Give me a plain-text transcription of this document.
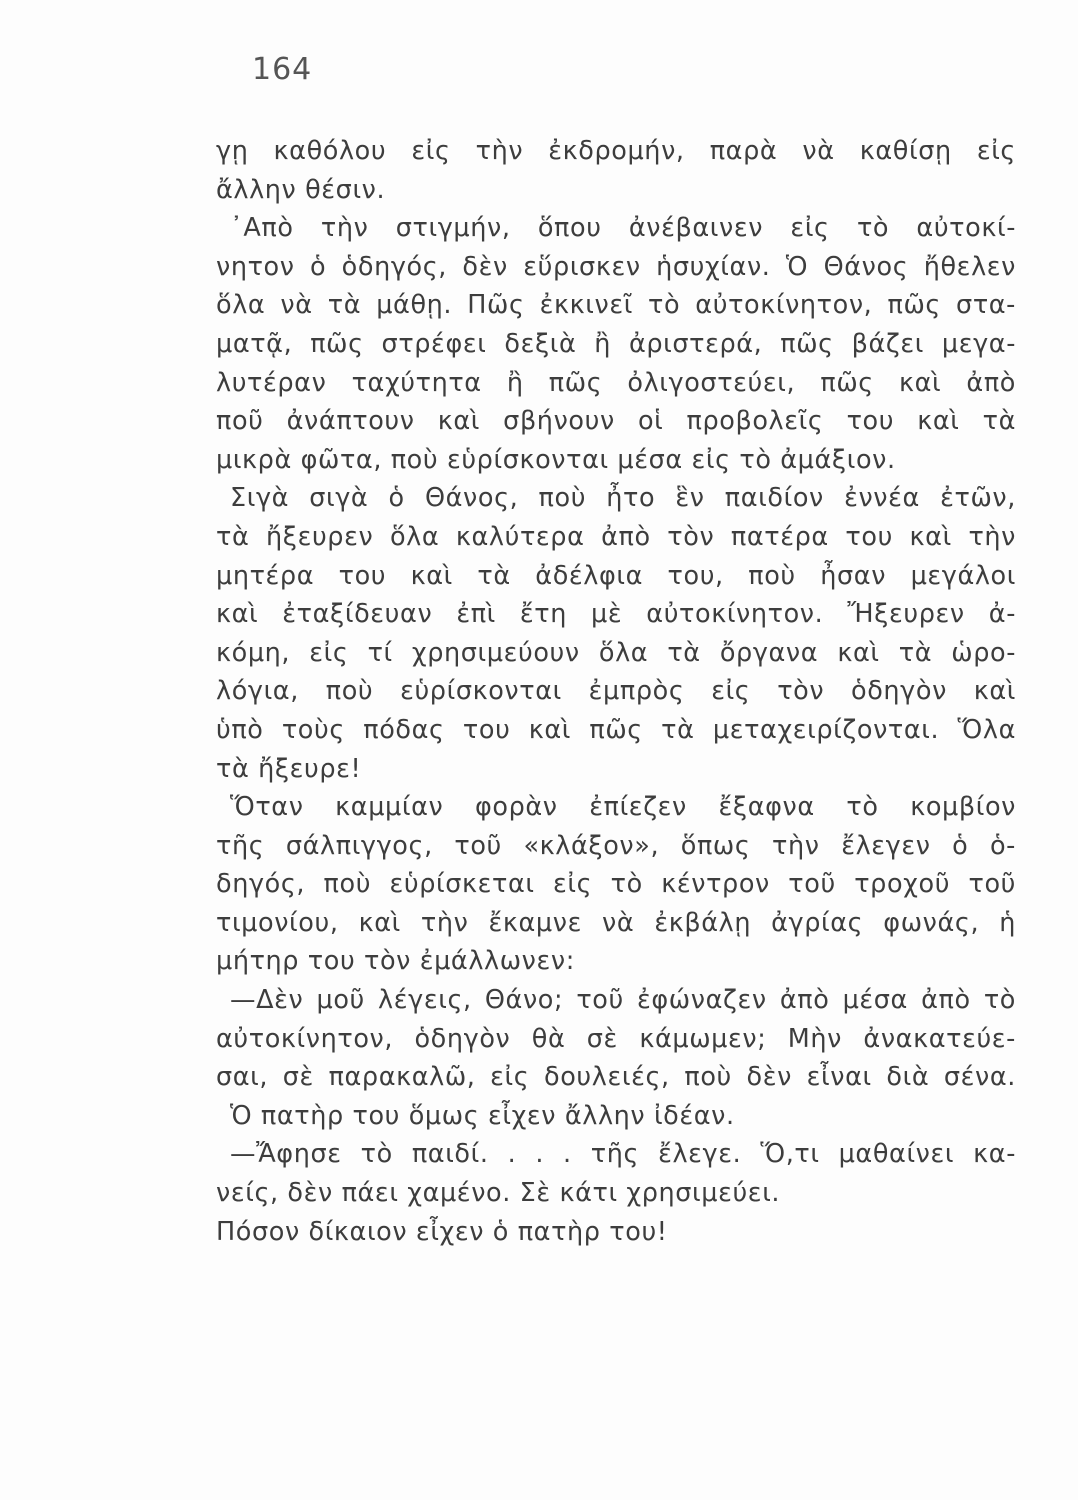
164
γῃ καθόλου εἰς τὴν ἐκδρομήν, παρὰ νὰ καθίσῃ εἰς
ἄλλην θέσιν.
᾿Απὸ τὴν στιγμήν, ὅπου ἀνέβαινεν εἰς τὸ αὐτοκί-
νητον ὁ ὁδηγός, δὲν εὕρισκεν ἡσυχίαν. Ὁ Θάνος ἤθελεν
ὅλα νὰ τὰ μάθῃ. Πῶς ἐκκινεῖ τὸ αὐτοκίνητον, πῶς στα-
ματᾷ, πῶς στρέφει δεξιὰ ἢ ἀριστερά, πῶς βάζει μεγα-
λυτέραν ταχύτητα ἢ πῶς ὀλιγοστεύει, πῶς καὶ ἀπὸ
ποῦ ἀνάπτουν καὶ σβήνουν οἱ προβολεῖς του καὶ τὰ
μικρὰ φῶτα, ποὺ εὑρίσκονται μέσα εἰς τὸ ἀμάξιον.
Σιγὰ σιγὰ ὁ Θάνος, ποὺ ἦτο ἓν παιδίον ἐννέα ἐτῶν,
τὰ ἤξευρεν ὅλα καλύτερα ἀπὸ τὸν πατέρα του καὶ τὴν
μητέρα του καὶ τὰ ἀδέλφια του, ποὺ ἦσαν μεγάλοι
καὶ ἐταξίδευαν ἐπὶ ἔτη μὲ αὐτοκίνητον. Ἤξευρεν ἀ-
κόμη, εἰς τί χρησιμεύουν ὅλα τὰ ὄργανα καὶ τὰ ὡρο-
λόγια, ποὺ εὑρίσκονται ἐμπρὸς εἰς τὸν ὁδηγὸν καὶ
ὑπὸ τοὺς πόδας του καὶ πῶς τὰ μεταχειρίζονται. Ὅλα
τὰ ἤξευρε!
Ὅταν καμμίαν φορὰν ἐπίεζεν ἔξαφνα τὸ κομβίον
τῆς σάλπιγγος, τοῦ «κλάξον», ὅπως τὴν ἔλεγεν ὁ ὁ-
δηγός, ποὺ εὑρίσκεται εἰς τὸ κέντρον τοῦ τροχοῦ τοῦ
τιμονίου, καὶ τὴν ἔκαμνε νὰ ἐκβάλῃ ἀγρίας φωνάς, ἡ
μήτηρ του τὸν ἐμάλλωνεν:
—Δὲν μοῦ λέγεις, Θάνο; τοῦ ἐφώναζεν ἀπὸ μέσα ἀπὸ τὸ
αὐτοκίνητον, ὁδηγὸν θὰ σὲ κάμωμεν; Μὴν ἀνακατεύε-
σαι, σὲ παρακαλῶ, εἰς δουλειές, ποὺ δὲν εἶναι διὰ σένα.
Ὁ πατὴρ του ὅμως εἶχεν ἄλλην ἰδέαν.
—Ἄφησε τὸ παιδί. . . . τῆς ἔλεγε. Ὅ,τι μαθαίνει κα-
νείς, δὲν πάει χαμένο. Σὲ κάτι χρησιμεύει.
Πόσον δίκαιον εἶχεν ὁ πατὴρ του!
